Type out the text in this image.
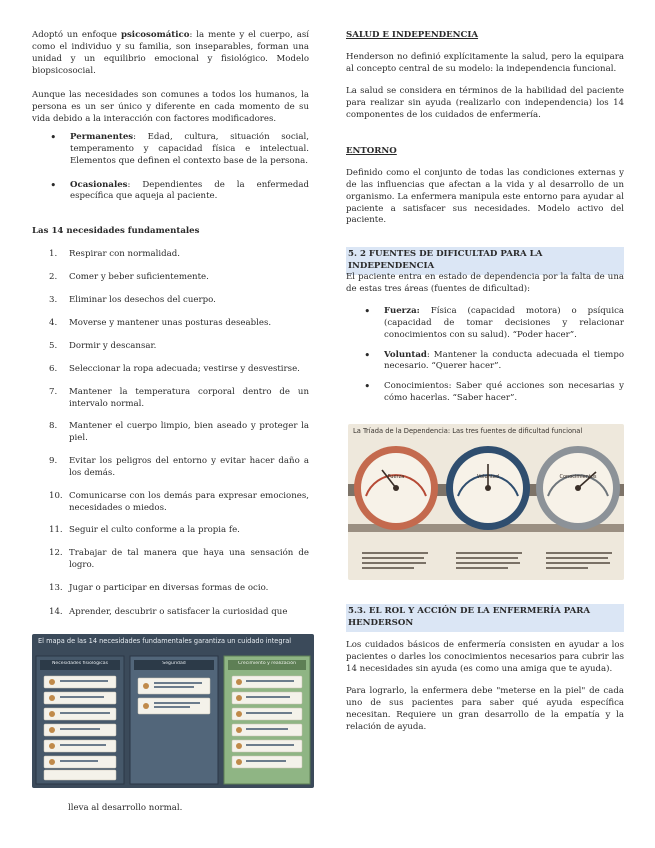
Adoptó un enfoque psicosomático: la mente y el cuerpo, así como el individuo y su familia, son inseparables, forman una unidad y un equilibrio emocional y fisiológico. Modelo biopsicosocial.

Aunque las necesidades son comunes a todos los humanos, la persona es un ser único y diferente en cada momento de su vida debido a la interacción con factores modificadores.

• Permanentes: Edad, cultura, situación social, temperamento y capacidad física e intelectual. Elementos que definen el contexto base de la persona.
• Ocasionales: Dependientes de la enfermedad específica que aqueja al paciente.
Las 14 necesidades fundamentales
1. Respirar con normalidad.
2. Comer y beber suficientemente.
3. Eliminar los desechos del cuerpo.
4. Moverse y mantener unas posturas deseables.
5. Dormir y descansar.
6. Seleccionar la ropa adecuada; vestirse y desvestirse.
7. Mantener la temperatura corporal dentro de un intervalo normal.
8. Mantener el cuerpo limpio, bien aseado y proteger la piel.
9. Evitar los peligros del entorno y evitar hacer daño a los demás.
10. Comunicarse con los demás para expresar emociones, necesidades o miedos.
11. Seguir el culto conforme a la propia fe.
12. Trabajar de tal manera que haya una sensación de logro.
13. Jugar o participar en diversas formas de ocio.
14. Aprender, descubrir o satisfacer la curiosidad que
lleva al desarrollo normal.
El mapa de las 14 necesidades fundamentales garantiza un cuidado integral
Necesidades fisiológicas	Seguridad	Crecimiento y realización
SALUD E INDEPENDENCIA

Henderson no definió explícitamente la salud, pero la equipara al concepto central de su modelo: la independencia funcional.

La salud se considera en términos de la habilidad del paciente para realizar sin ayuda (realizarlo con independencia) los 14 componentes de los cuidados de enfermería.

ENTORNO

Definido como el conjunto de todas las condiciones externas y de las influencias que afectan a la vida y al desarrollo de un organismo. La enfermera manipula este entorno para ayudar al paciente a satisfacer sus necesidades. Modelo activo del paciente.

5. 2 FUENTES DE DIFICULTAD PARA LA INDEPENDENCIA

El paciente entra en estado de dependencia por la falta de una de estas tres áreas (fuentes de dificultad):

• Fuerza: Física (capacidad motora) o psíquica (capacidad de tomar decisiones y relacionar conocimientos con su salud). “Poder hacer”.
• Voluntad: Mantener la conducta adecuada el tiempo necesario. “Querer hacer”.
• Conocimientos: Saber qué acciones son necesarias y cómo hacerlas. “Saber hacer”.
5.3. EL ROL Y ACCIÓN DE LA ENFERMERÍA PARA HENDERSON

Los cuidados básicos de enfermería consisten en ayudar a los pacientes o darles los conocimientos necesarios para cubrir las 14 necesidades sin ayuda (es como una amiga que te ayuda).

Para lograrlo, la enfermera debe "meterse en la piel" de cada uno de sus pacientes para saber qué ayuda específica necesitan. Requiere un gran desarrollo de la empatía y la relación de ayuda.

La Tríada de la Dependencia: Las tres fuentes de dificultad funcional
Fuerza	Voluntad	Conocimientos
